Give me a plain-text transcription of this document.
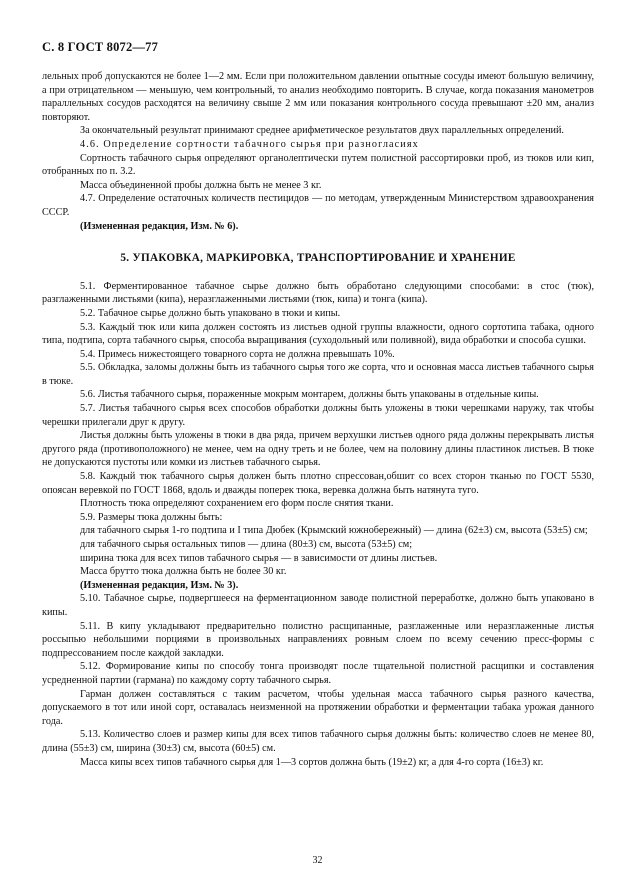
С. 8 ГОСТ 8072—77

лельных проб допускаются не более 1—2 мм. Если при положительном давлении опытные сосуды имеют большую величину, а при отрицательном — меньшую, чем контрольный, то анализ необходимо повторить. В случае, когда показания манометров параллельных сосудов расходятся на величину свыше 2 мм или показания контрольного сосуда превышают ±20 мм, анализ повторяют.

За окончательный результат принимают среднее арифметическое результатов двух параллельных определений.

4.6. Определение сортности табачного сырья при разногласиях

Сортность табачного сырья определяют органолептически путем полистной рассортировки проб, из тюков или кип, отобранных по п. 3.2.

Масса объединенной пробы должна быть не менее 3 кг.

4.7. Определение остаточных количеств пестицидов — по методам, утвержденным Министерством здравоохранения СССР.

(Измененная редакция, Изм. № 6).

5. УПАКОВКА, МАРКИРОВКА, ТРАНСПОРТИРОВАНИЕ И ХРАНЕНИЕ

5.1. Ферментированное табачное сырье должно быть обработано следующими способами: в стос (тюк), разглаженными листьями (кипа), неразглаженными листьями (тюк, кипа) и тонга (кипа).

5.2. Табачное сырье должно быть упаковано в тюки и кипы.

5.3. Каждый тюк или кипа должен состоять из листьев одной группы влажности, одного сортотипа табака, одного типа, подтипа, сорта табачного сырья, способа выращивания (суходольный или поливной), вида обработки и способа сушки.

5.4. Примесь нижестоящего товарного сорта не должна превышать 10%.

5.5. Обкладка, заломы должны быть из табачного сырья того же сорта, что и основная масса листьев табачного сырья в тюке.

5.6. Листья табачного сырья, пораженные мокрым монтарем, должны быть упакованы в отдельные кипы.

5.7. Листья табачного сырья всех способов обработки должны быть уложены в тюки черешками наружу, так чтобы черешки прилегали друг к другу.

Листья должны быть уложены в тюки в два ряда, причем верхушки листьев одного ряда должны перекрывать листья другого ряда (противоположного) не менее, чем на одну треть и не более, чем на половину длины пластинок листьев. В тюке не допускаются пустоты или комки из листьев табачного сырья.

5.8. Каждый тюк табачного сырья должен быть плотно спрессован,обшит со всех сторон тканью по ГОСТ 5530, опоясан веревкой по ГОСТ 1868, вдоль и дважды поперек тюка, веревка должна быть натянута туго.

Плотность тюка определяют сохранением его форм после снятия ткани.

5.9. Размеры тюка должны быть:

для табачного сырья 1-го подтипа и I типа Дюбек (Крымский южнобережный) — длина (62±3) см, высота (53±5) см;

для табачного сырья остальных типов — длина (80±3) см, высота (53±5) см;

ширина тюка для всех типов табачного сырья — в зависимости от длины листьев.

Масса брутто тюка должна быть не более 30 кг.

(Измененная редакция, Изм. № 3).

5.10. Табачное сырье, подвергшееся на ферментационном заводе полистной переработке, должно быть упаковано в кипы.

5.11. В кипу укладывают предварительно полистно расщипанные, разглаженные или неразглаженные листья россыпью небольшими порциями в произвольных направлениях ровным слоем по всему сечению пресс-формы с подпрессованием после каждой закладки.

5.12. Формирование кипы по способу тонга производят после тщательной полистной расщипки и составления усредненной партии (гармана) по каждому сорту табачного сырья.

Гарман должен составляться с таким расчетом, чтобы удельная масса табачного сырья разного качества, допускаемого в тот или иной сорт, оставалась неизменной на протяжении обработки и ферментации табака урожая данного года.

5.13. Количество слоев и размер кипы для всех типов табачного сырья должны быть: количество слоев не менее 80, длина (55±3) см, ширина (30±3) см, высота (60±5) см.

Масса кипы всех типов табачного сырья для 1—3 сортов должна быть (19±2) кг, а для 4-го сорта (16±3) кг.

32
